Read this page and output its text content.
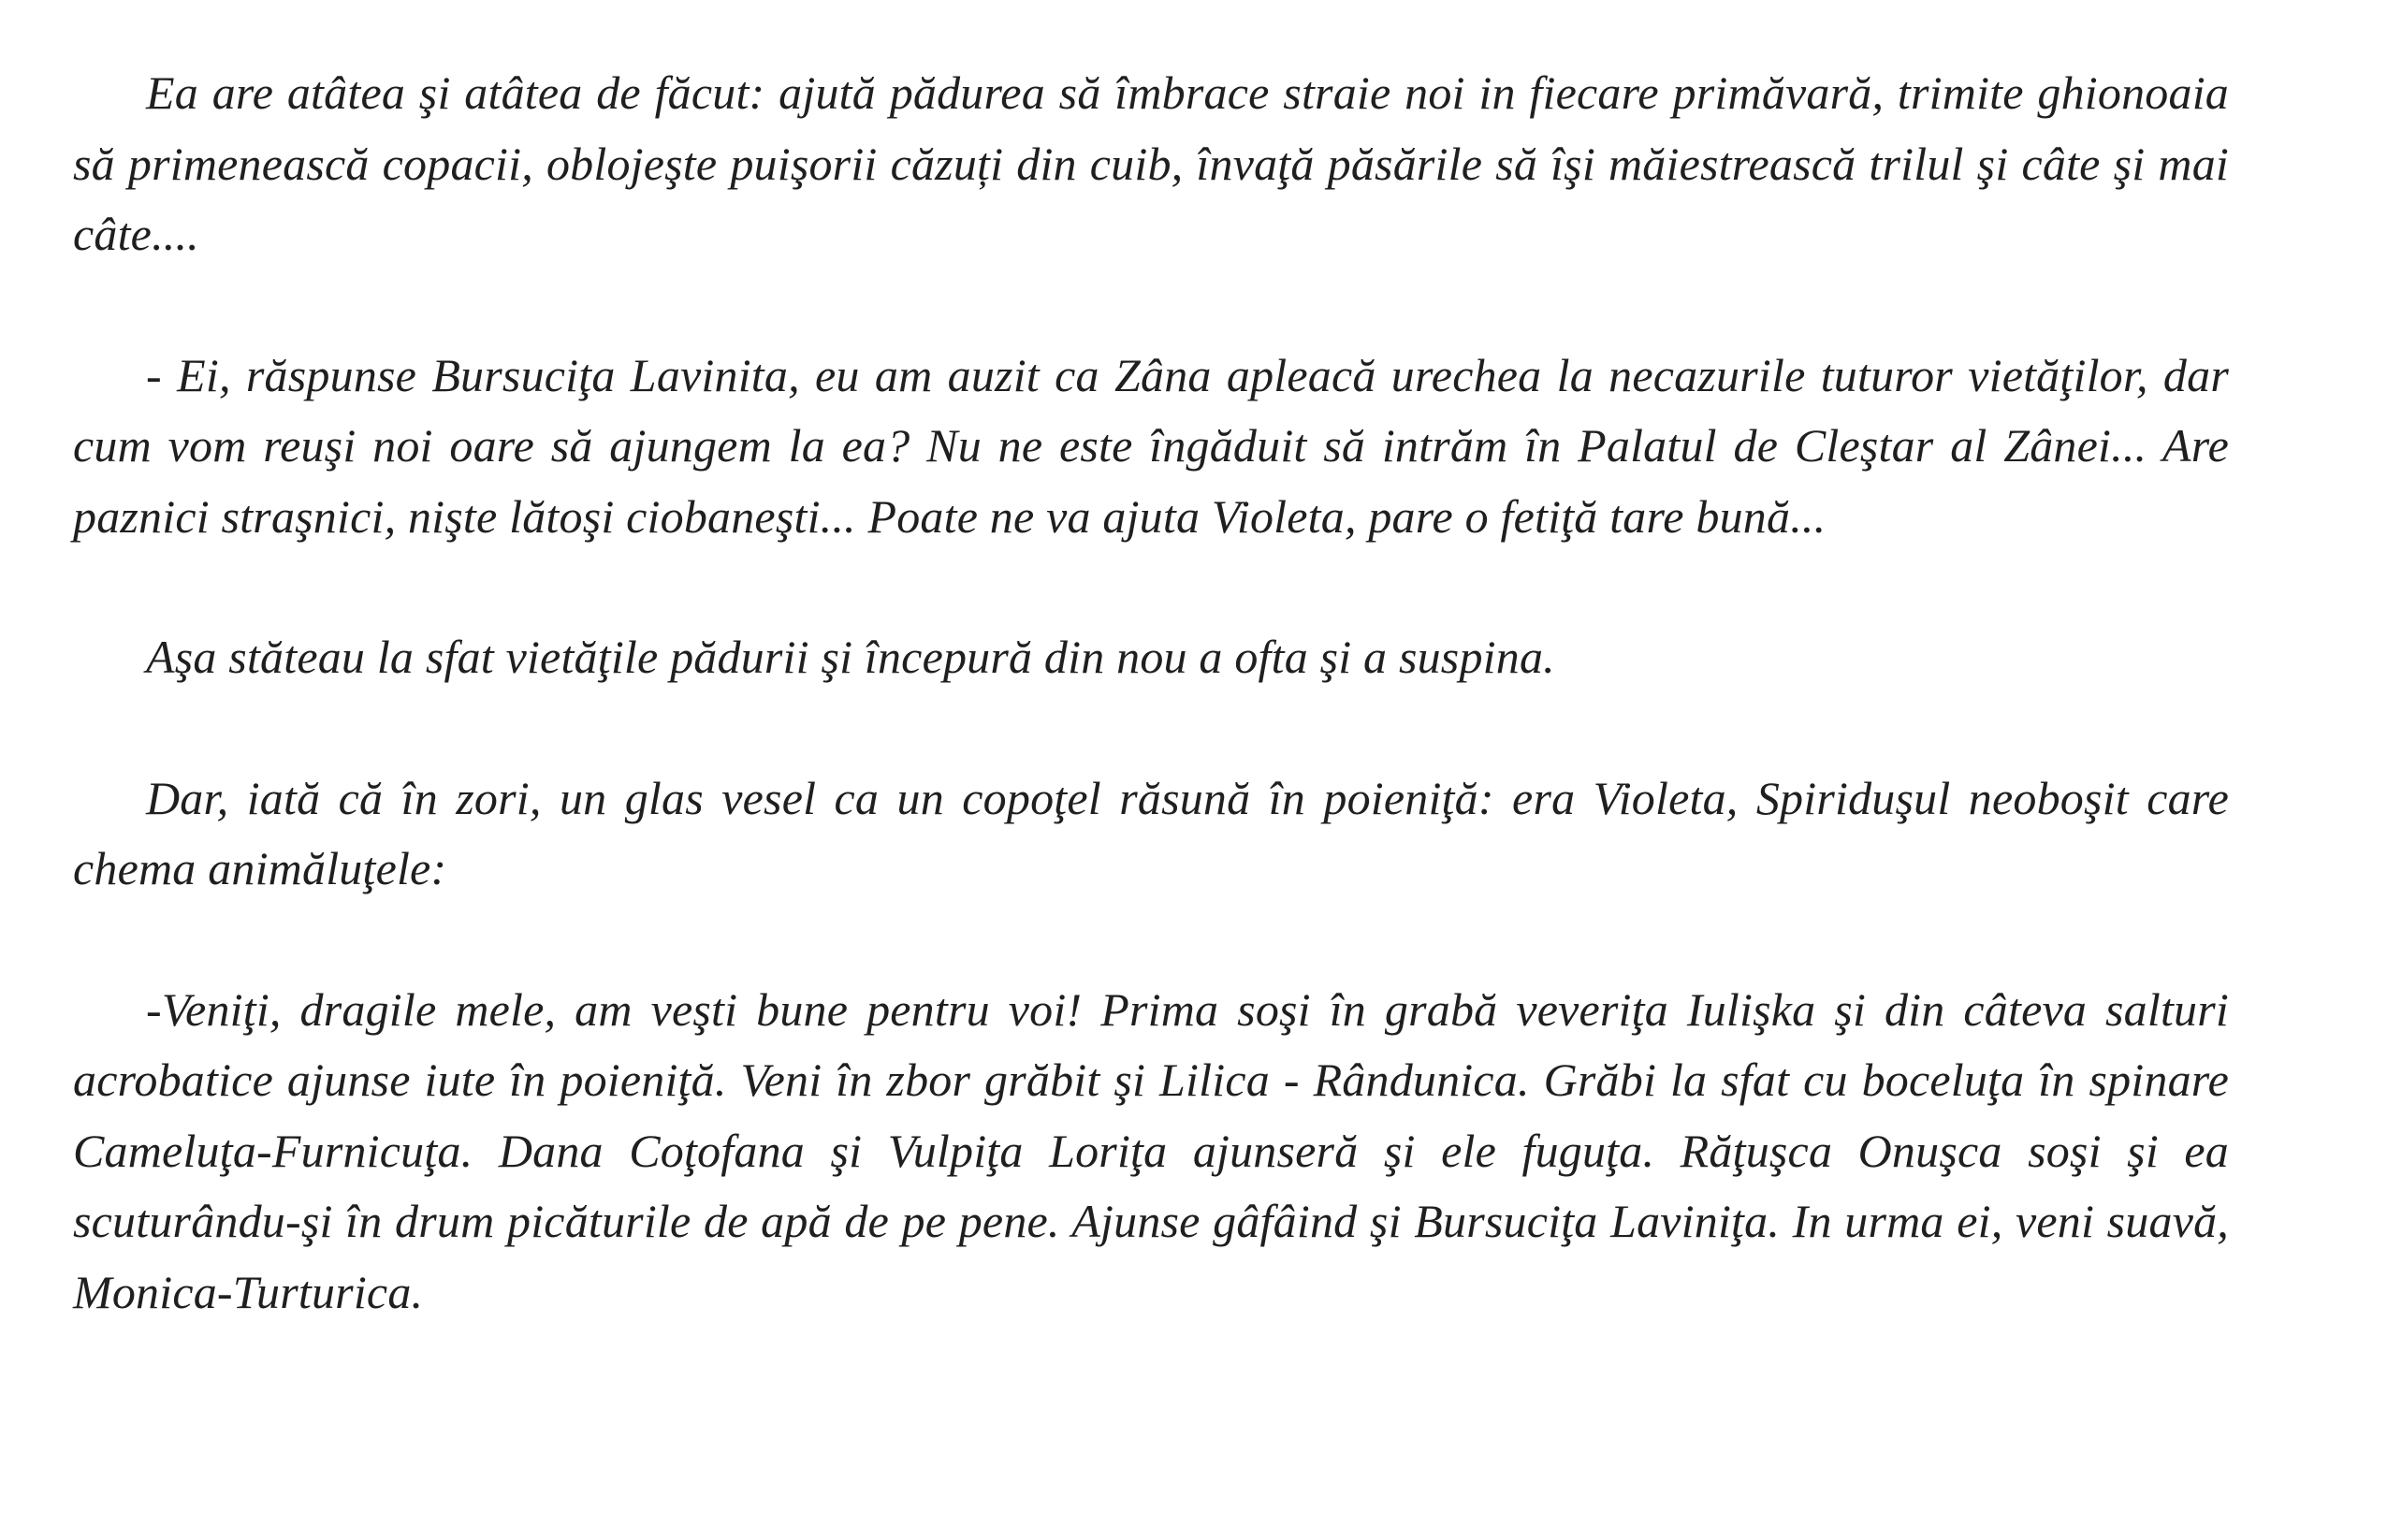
Ea are atâtea şi atâtea de făcut: ajută pădurea să îmbrace straie noi in fiecare primăvară, trimite ghionoaia să primenească copacii, oblojeşte puişorii căzuți din cuib, învaţă păsările să îşi măiestrească trilul şi câte şi mai câte....

- Ei, răspunse Bursuciţa Lavinita, eu am auzit ca Zâna apleacă urechea la necazurile tuturor vietăţilor, dar cum vom reuşi noi oare să ajungem la ea? Nu ne este îngăduit să intrăm în Palatul de Cleştar al Zânei... Are paznici straşnici, nişte lătoşi ciobaneşti... Poate ne va ajuta Violeta, pare o fetiţă tare bună...

Aşa stăteau la sfat vietăţile pădurii şi începură din nou a ofta şi a suspina.

Dar, iată că în zori, un glas vesel ca un copoţel răsună în poieniţă: era Violeta, Spiriduşul neoboşit care chema animăluţele:

-Veniţi, dragile mele, am veşti bune pentru voi! Prima soşi în grabă veveriţa Iulişka şi din câteva salturi acrobatice ajunse iute în poieniţă. Veni în zbor grăbit şi Lilica - Rândunica. Grăbi la sfat cu boceluţa în spinare Cameluţa-Furnicuţa. Dana Coţofana şi Vulpiţa Loriţa ajunseră şi ele fuguţa. Răţuşca Onuşca soşi şi ea scuturându-şi în drum picăturile de apă de pe pene. Ajunse gâfâind şi Bursuciţa Laviniţa. In urma ei, veni suavă, Monica-Turturica.
